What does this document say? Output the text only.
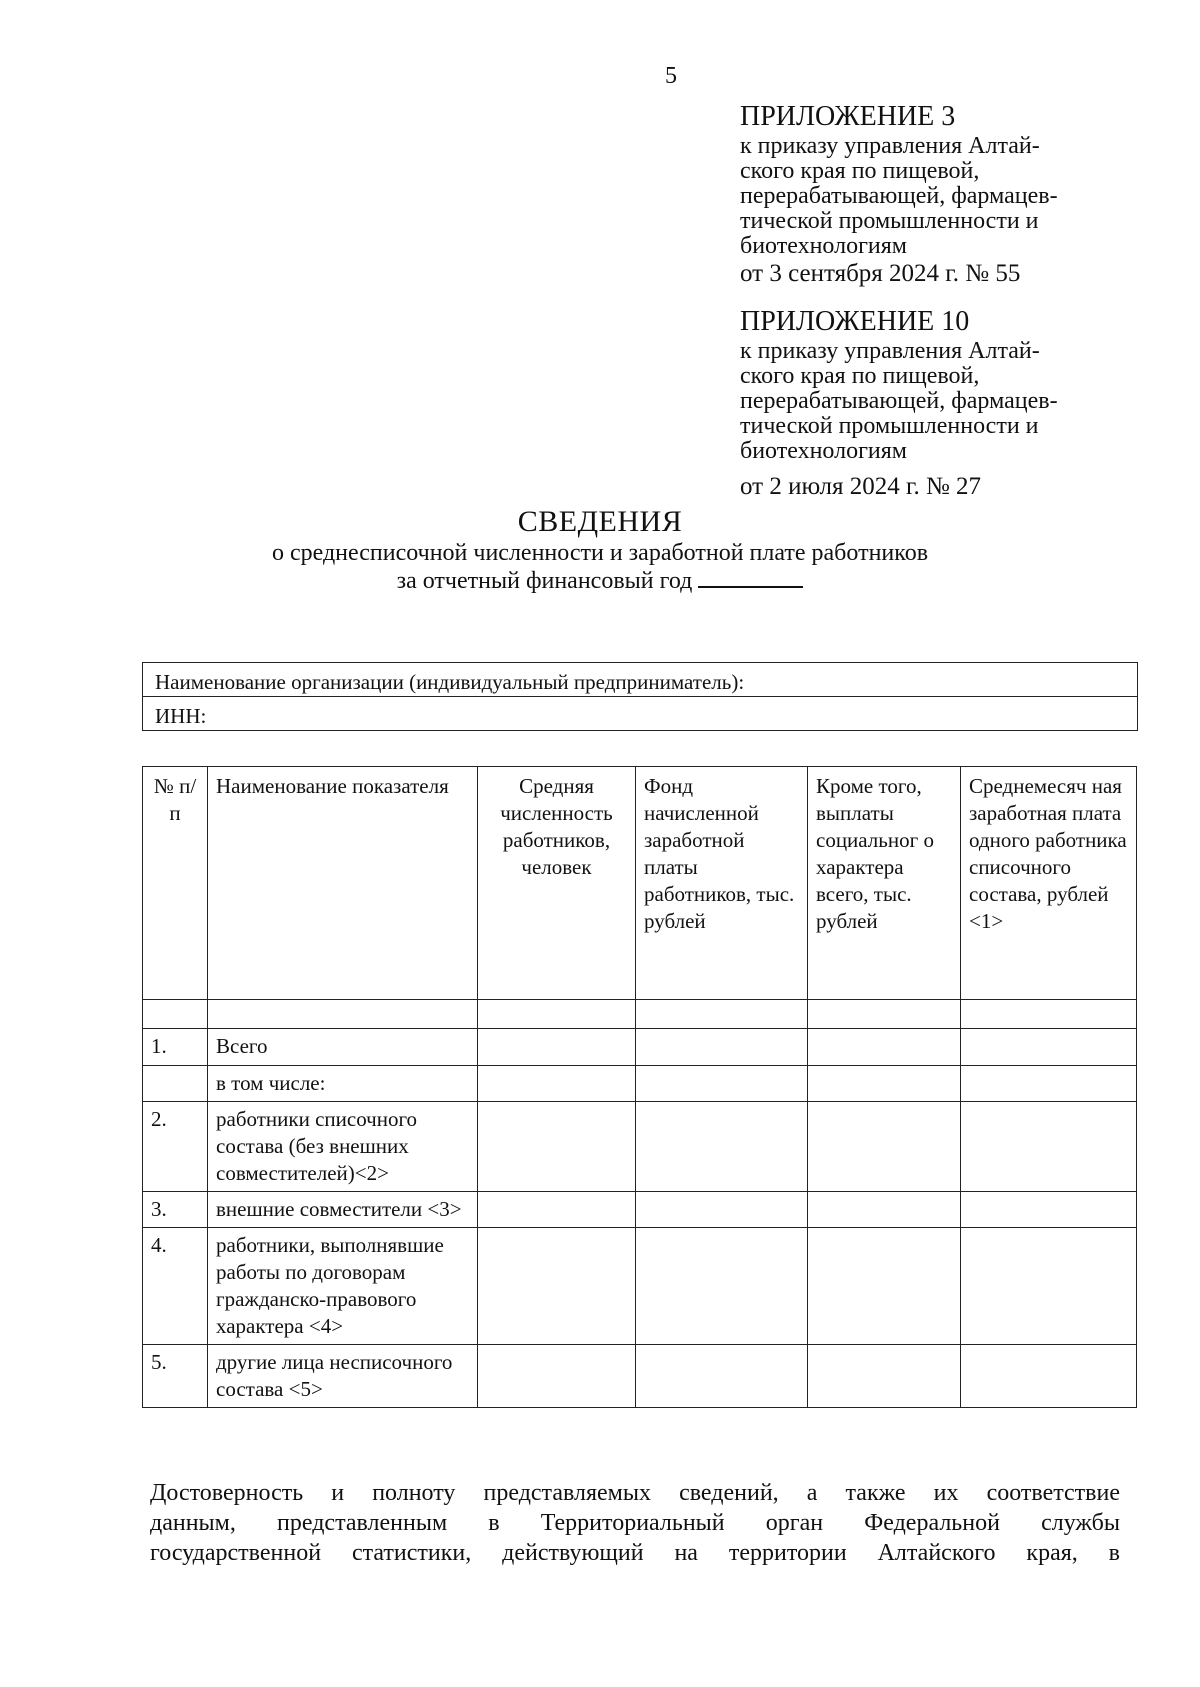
5
ПРИЛОЖЕНИЕ 3
к приказу управления Алтай-
ского края по пищевой,
перерабатывающей, фармацев-
тической промышленности и
биотехнологиям
от 3 сентября 2024 г. № 55
ПРИЛОЖЕНИЕ 10
к приказу управления Алтай-
ского края по пищевой,
перерабатывающей, фармацев-
тической промышленности и
биотехнологиям
от 2 июля 2024 г. № 27
СВЕДЕНИЯ
о среднесписочной численности и заработной плате работников
за отчетный финансовый год
Наименование организации (индивидуальный предприниматель):
ИНН:
№ п/п	Наименование показателя	Средняя численность работников, человек	Фонд начисленной заработной платы работников, тыс. рублей	Кроме того, выплаты социальног о характера всего, тыс. рублей	Среднемесяч ная заработная плата одного работника списочного состава, рублей <1>

1.	Всего				
	в том числе:				
2.	работники списочного состава (без внешних совместителей)<2>				
3.	внешние совместители <3>				
4.	работники, выполнявшие работы по договорам гражданско-правового характера <4>				
5.	другие лица несписочного состава <5>				
Достоверность и полноту представляемых сведений, а также их соответствие
данным, представленным в Территориальный орган Федеральной службы
государственной статистики, действующий на территории Алтайского края, в
